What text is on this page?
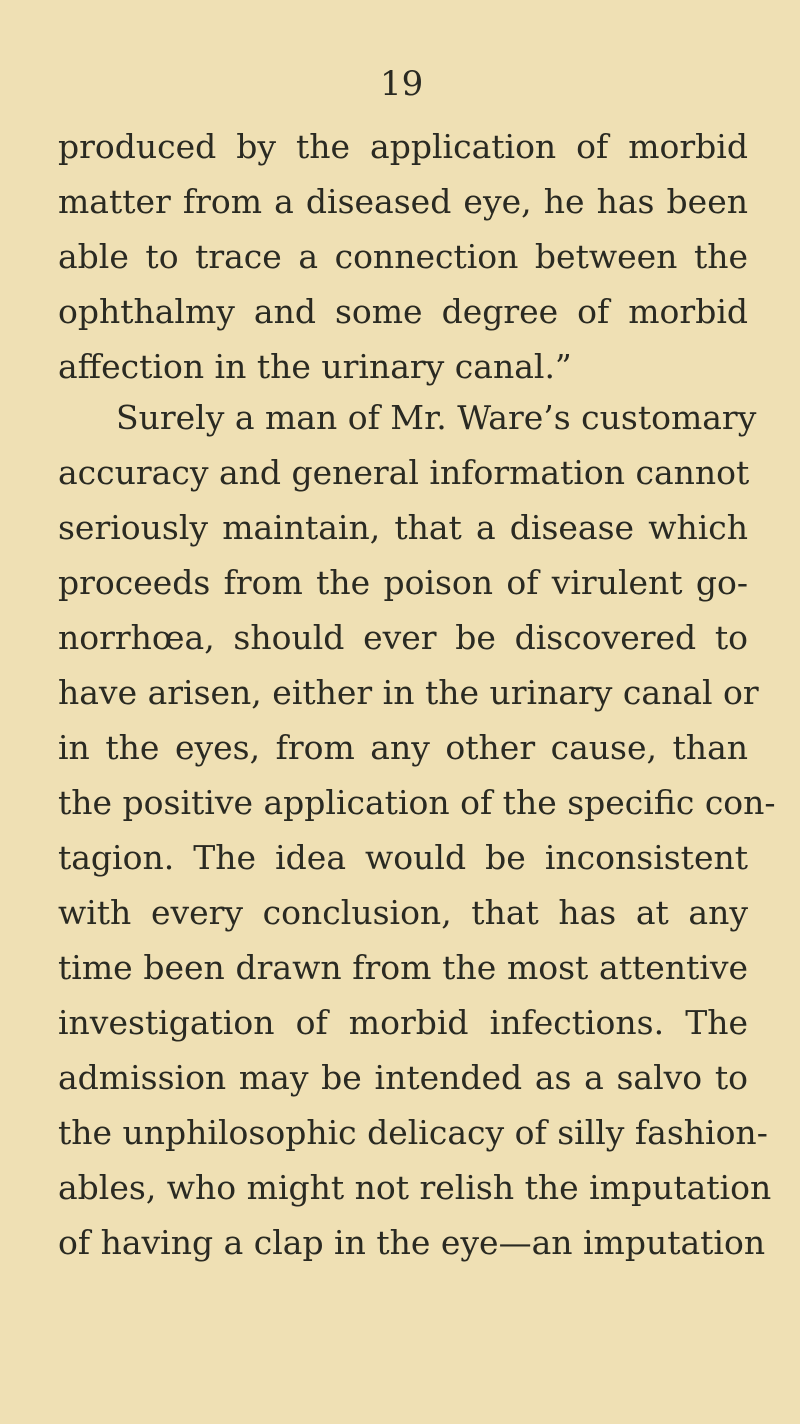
19
produced by the application of morbid
matter from a diseased eye, he has been
able to trace a connection between the
ophthalmy and some degree of morbid
affection in the urinary canal.”
Surely a man of Mr. Ware’s customary
accuracy and general information cannot
seriously maintain, that a disease which
proceeds from the poison of virulent go-
norrhœa, should ever be discovered to
have arisen, either in the urinary canal or
in the eyes, from any other cause, than
the positive application of the specific con-
tagion. The idea would be inconsistent
with every conclusion, that has at any
time been drawn from the most attentive
investigation of morbid infections. The
admission may be intended as a salvo to
the unphilosophic delicacy of silly fashion-
ables, who might not relish the imputation
of having a clap in the eye—an imputation
